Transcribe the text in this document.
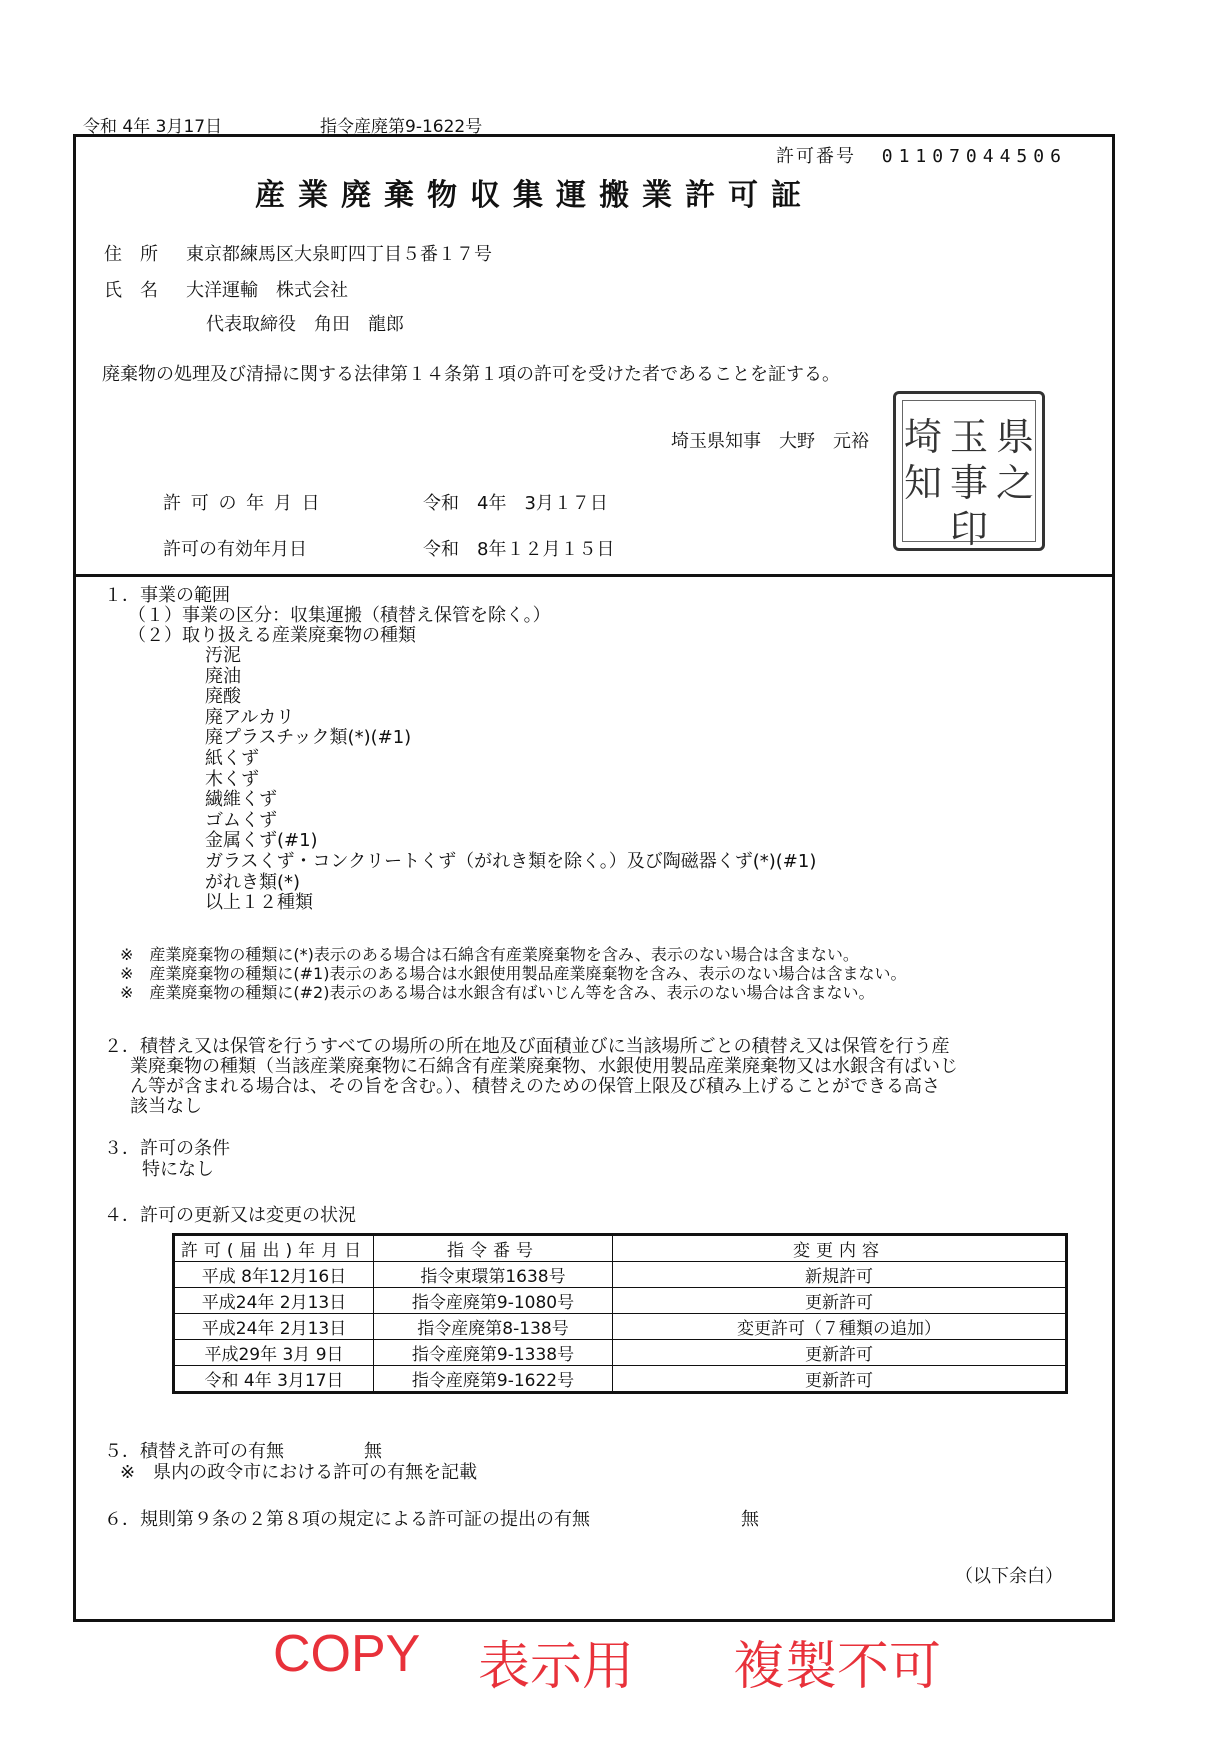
令和 4年 3月17日	指令産廃第9-1622号
許可番号 01107044506
産業廃棄物収集運搬業許可証
住　所 東京都練馬区大泉町四丁目５番１７号
氏　名 大洋運輸　株式会社
代表取締役　角田　龍郎
廃棄物の処理及び清掃に関する法律第１４条第１項の許可を受けた者であることを証する。
埼玉県知事　大野　元裕 埼
知
玉
事
県
之
印
許 可 の 年 月 日	令和　4年　3月１７日
許可の有効年月日	令和　8年１２月１５日
１．事業の範囲
（１）事業の区分：収集運搬（積替え保管を除く。）
（２）取り扱える産業廃棄物の種類
汚泥
廃油
廃酸
廃アルカリ
廃プラスチック類(*)(#1)
紙くず
木くず
繊維くず
ゴムくず
金属くず(#1)
ガラスくず・コンクリートくず（がれき類を除く。）及び陶磁器くず(*)(#1)
がれき類(*)
以上１２種類
※　産業廃棄物の種類に(*)表示のある場合は石綿含有産業廃棄物を含み、表示のない場合は含まない。
※　産業廃棄物の種類に(#1)表示のある場合は水銀使用製品産業廃棄物を含み、表示のない場合は含まない。
※　産業廃棄物の種類に(#2)表示のある場合は水銀含有ばいじん等を含み、表示のない場合は含まない。
２．積替え又は保管を行うすべての場所の所在地及び面積並びに当該場所ごとの積替え又は保管を行う産
業廃棄物の種類（当該産業廃棄物に石綿含有産業廃棄物、水銀使用製品産業廃棄物又は水銀含有ばいじ
ん等が含まれる場合は、その旨を含む。）、積替えのための保管上限及び積み上げることができる高さ
該当なし
３．許可の条件
特になし
４．許可の更新又は変更の状況
許可(届出)年月日	指令番号	変更内容
平成 8年12月16日	指令東環第1638号	新規許可
平成24年 2月13日	指令産廃第9-1080号	更新許可
平成24年 2月13日	指令産廃第8-138号	変更許可（７種類の追加）
平成29年 3月 9日	指令産廃第9-1338号	更新許可
令和 4年 3月17日	指令産廃第9-1622号	更新許可
５．積替え許可の有無	無
※　県内の政令市における許可の有無を記載
６．規則第９条の２第８項の規定による許可証の提出の有無	無
（以下余白）
COPY 表示用 複製不可
